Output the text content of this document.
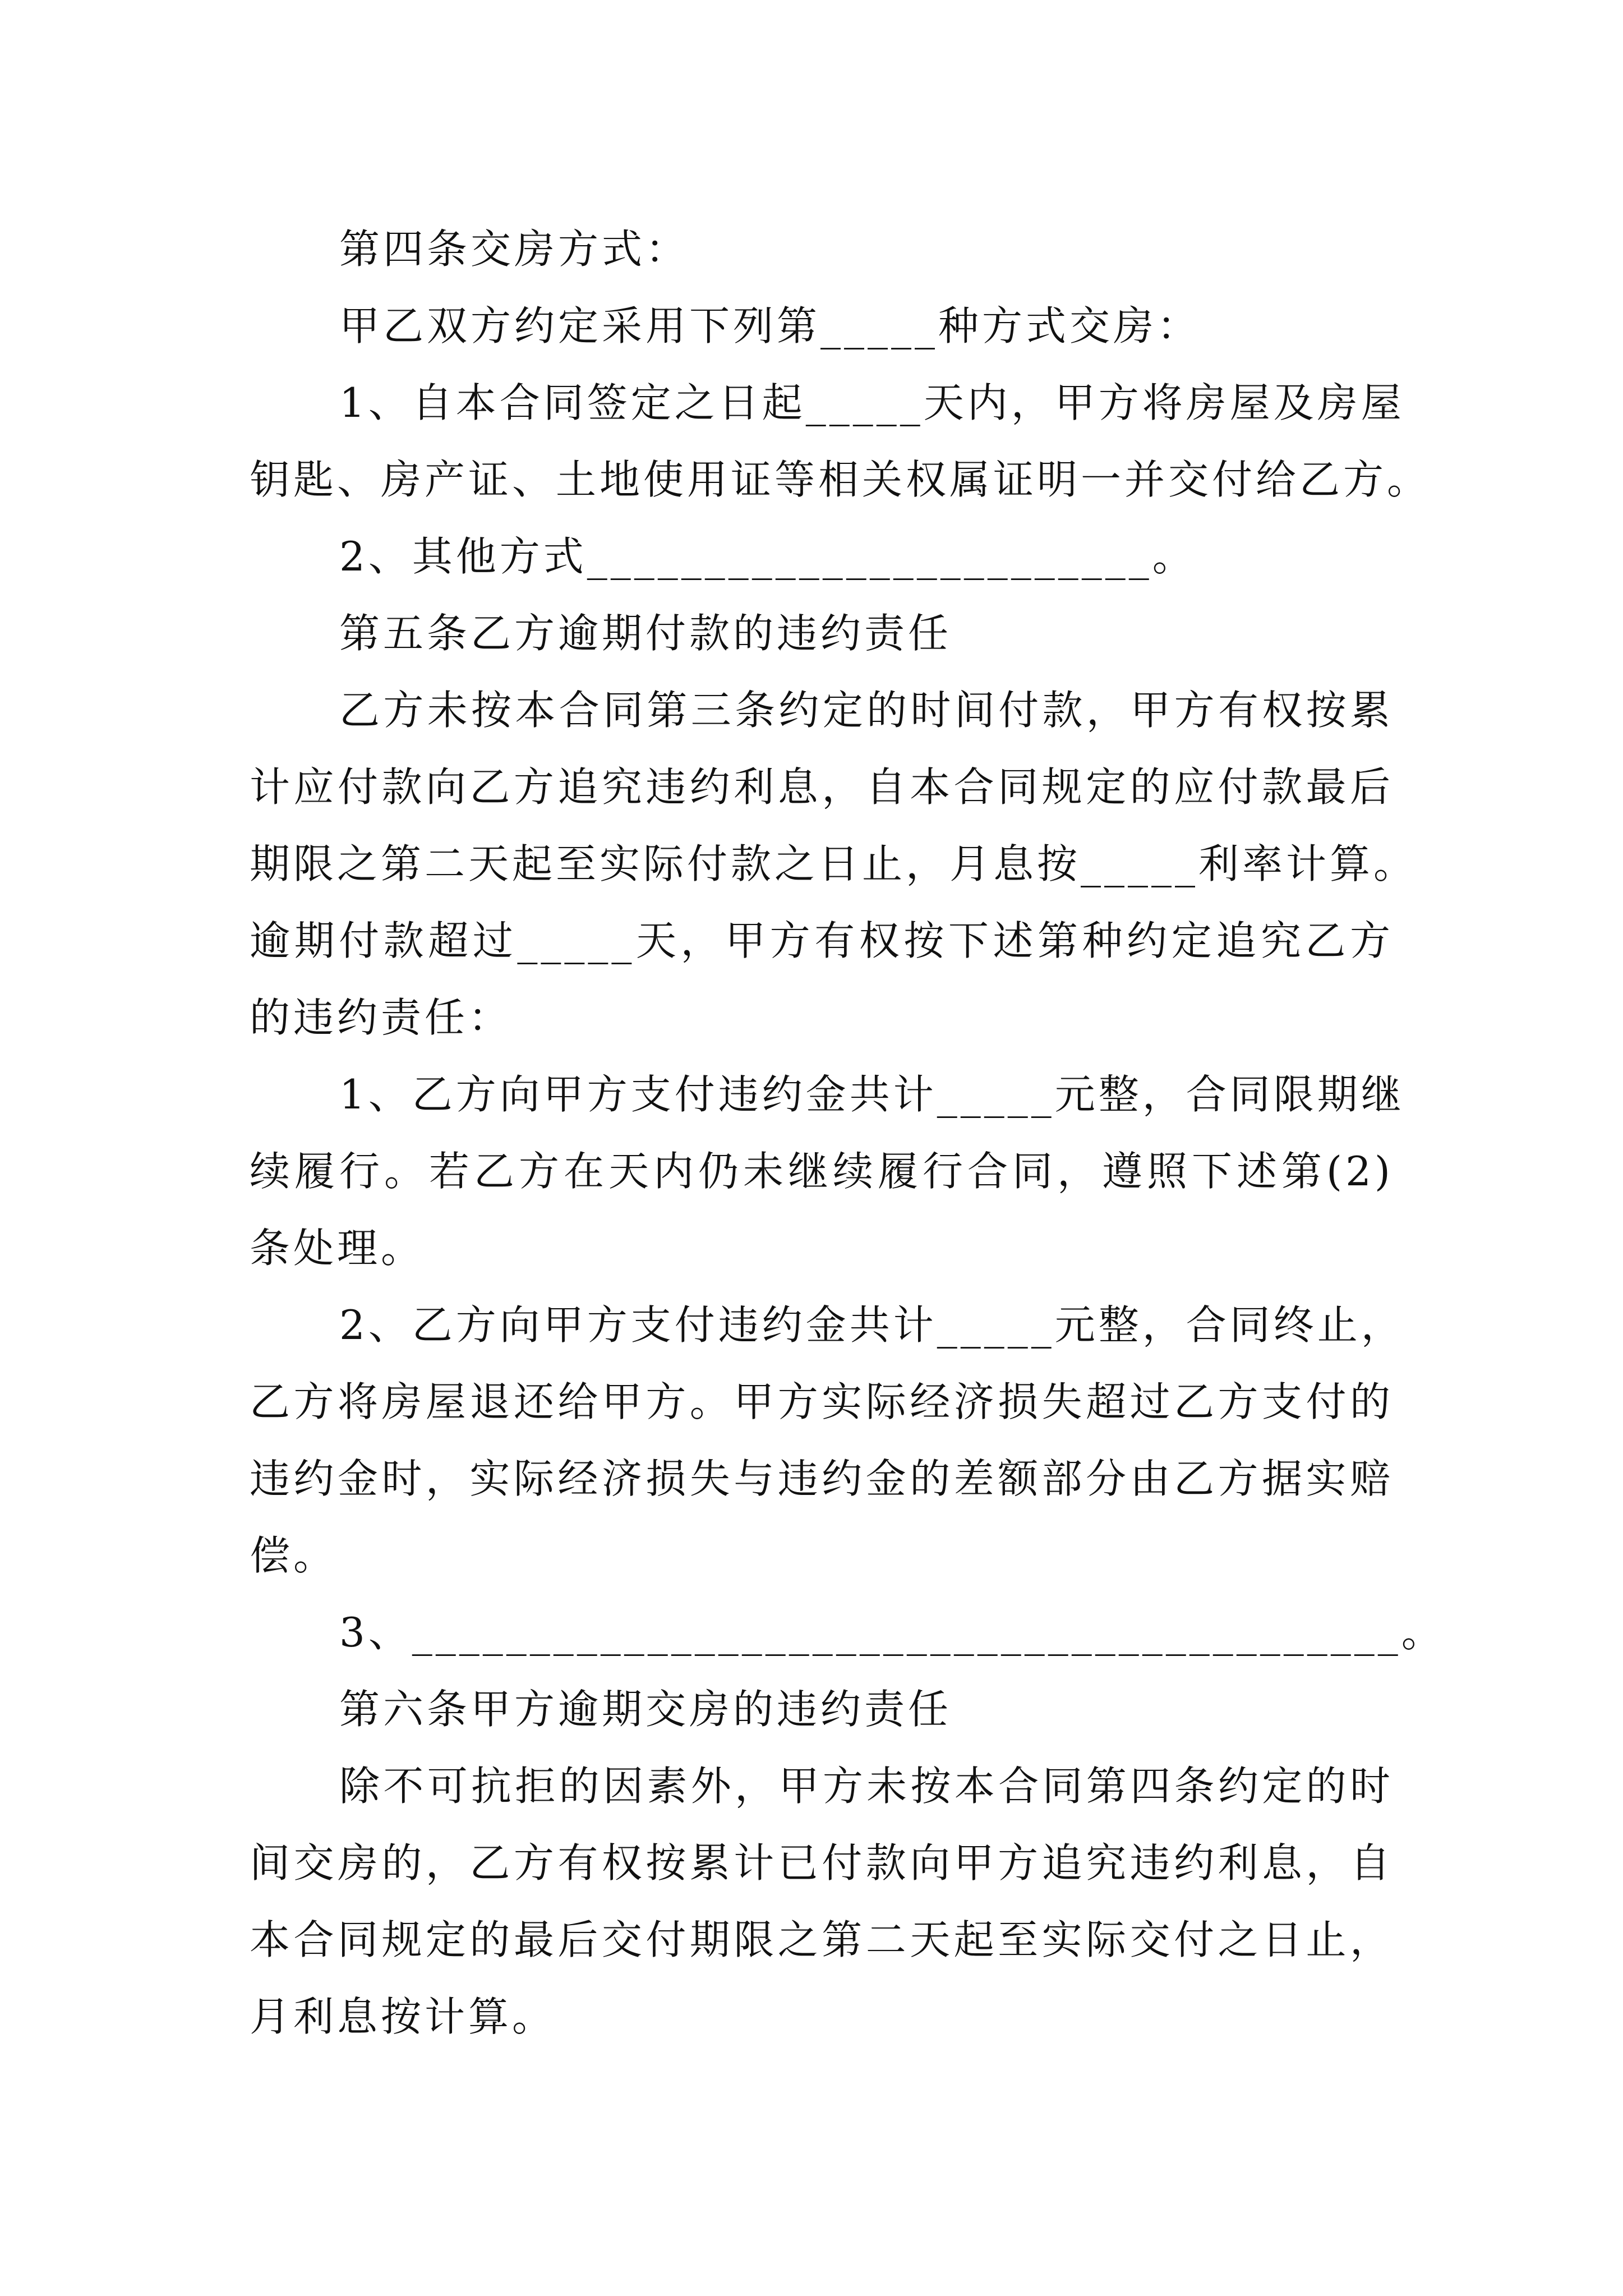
第四条交房方式：
甲乙双方约定采用下列第_____种方式交房：
1、自本合同签定之日起_____天内，甲方将房屋及房屋
钥匙、房产证、土地使用证等相关权属证明一并交付给乙方。
2、其他方式________________________。
第五条乙方逾期付款的违约责任
乙方未按本合同第三条约定的时间付款，甲方有权按累
计应付款向乙方追究违约利息，自本合同规定的应付款最后
期限之第二天起至实际付款之日止，月息按_____利率计算。
逾期付款超过_____天，甲方有权按下述第种约定追究乙方
的违约责任：
1、乙方向甲方支付违约金共计_____元整，合同限期继
续履行。若乙方在天内仍未继续履行合同，遵照下述第(2)
条处理。
2、乙方向甲方支付违约金共计_____元整，合同终止，
乙方将房屋退还给甲方。甲方实际经济损失超过乙方支付的
违约金时，实际经济损失与违约金的差额部分由乙方据实赔
偿。
3、__________________________________________。
第六条甲方逾期交房的违约责任
除不可抗拒的因素外，甲方未按本合同第四条约定的时
间交房的，乙方有权按累计已付款向甲方追究违约利息，自
本合同规定的最后交付期限之第二天起至实际交付之日止，
月利息按计算。
